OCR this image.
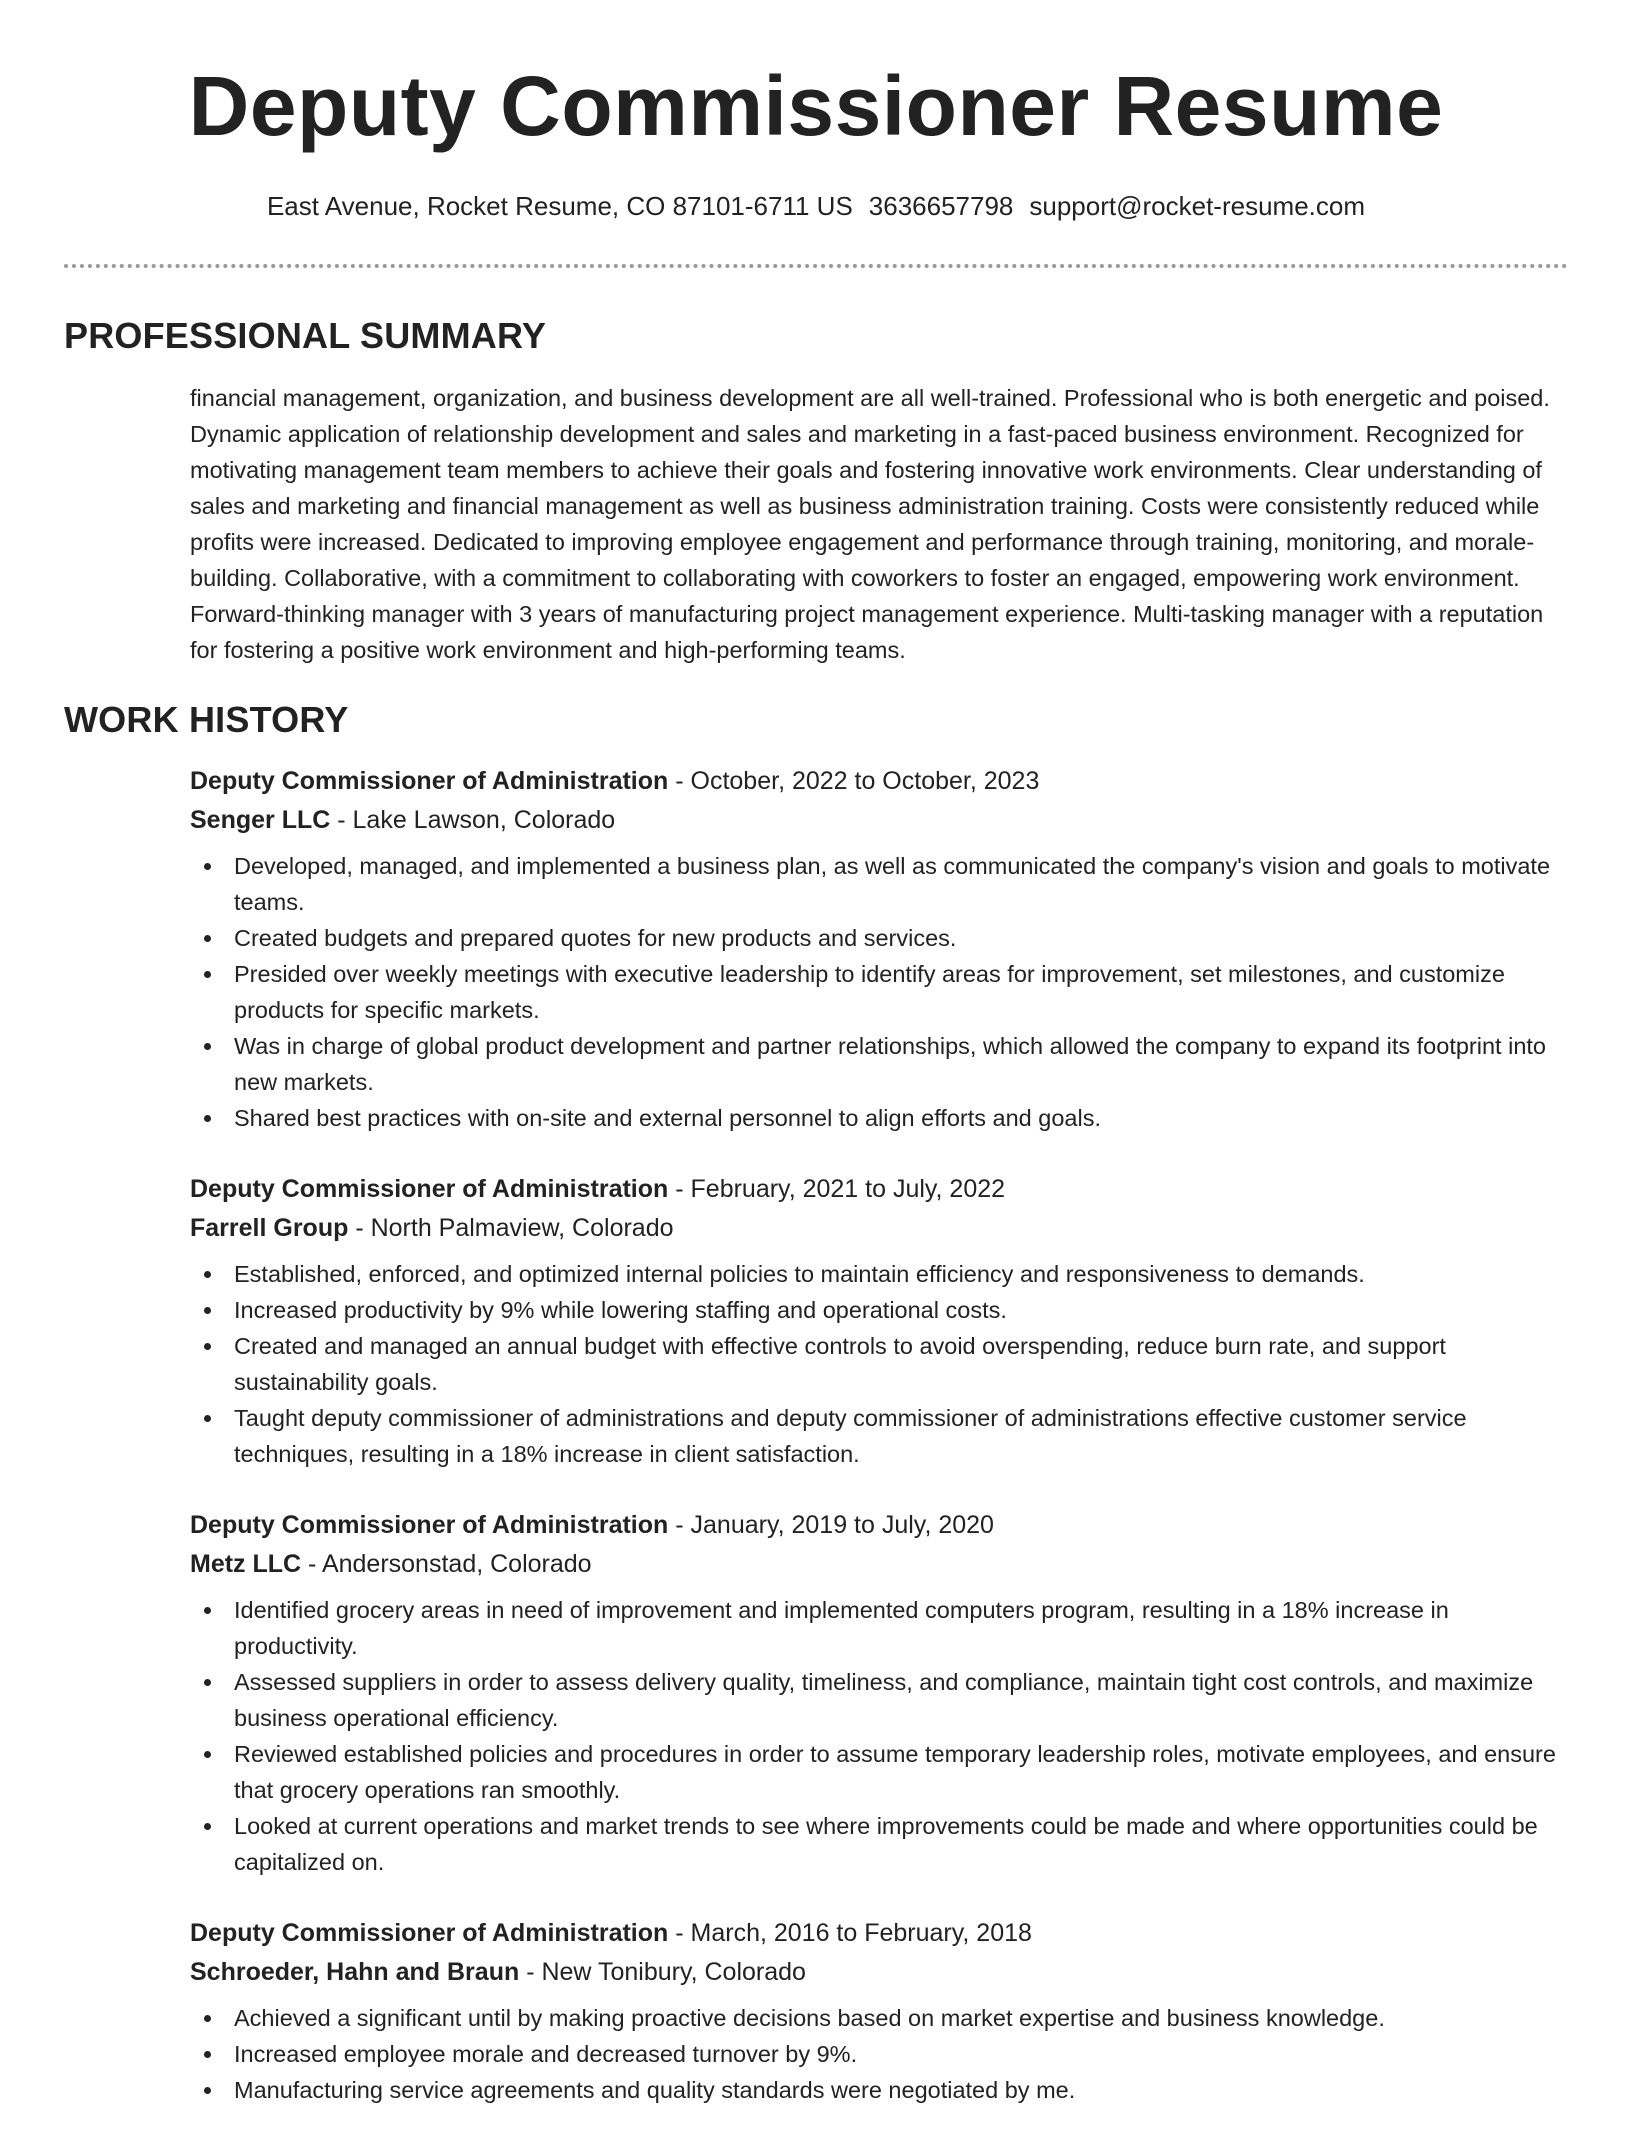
Deputy Commissioner Resume
East Avenue, Rocket Resume, CO 87101-6711 US 3636657798 support@rocket-resume.com
PROFESSIONAL SUMMARY

financial management, organization, and business development are all well-trained. Professional who is both energetic and poised. Dynamic application of relationship development and sales and marketing in a fast-paced business environment. Recognized for motivating management team members to achieve their goals and fostering innovative work environments. Clear understanding of sales and marketing and financial management as well as business administration training. Costs were consistently reduced while profits were increased. Dedicated to improving employee engagement and performance through training, monitoring, and morale-building. Collaborative, with a commitment to collaborating with coworkers to foster an engaged, empowering work environment. Forward-thinking manager with 3 years of manufacturing project management experience. Multi-tasking manager with a reputation for fostering a positive work environment and high-performing teams.

WORK HISTORY
Deputy Commissioner of Administration - October, 2022 to October, 2023
Senger LLC - Lake Lawson, Colorado
Developed, managed, and implemented a business plan, as well as communicated the company's vision and goals to motivate teams.
Created budgets and prepared quotes for new products and services.
Presided over weekly meetings with executive leadership to identify areas for improvement, set milestones, and customize products for specific markets.
Was in charge of global product development and partner relationships, which allowed the company to expand its footprint into new markets.
Shared best practices with on-site and external personnel to align efforts and goals.
Deputy Commissioner of Administration - February, 2021 to July, 2022
Farrell Group - North Palmaview, Colorado
Established, enforced, and optimized internal policies to maintain efficiency and responsiveness to demands.
Increased productivity by 9% while lowering staffing and operational costs.
Created and managed an annual budget with effective controls to avoid overspending, reduce burn rate, and support sustainability goals.
Taught deputy commissioner of administrations and deputy commissioner of administrations effective customer service techniques, resulting in a 18% increase in client satisfaction.
Deputy Commissioner of Administration - January, 2019 to July, 2020
Metz LLC - Andersonstad, Colorado
Identified grocery areas in need of improvement and implemented computers program, resulting in a 18% increase in productivity.
Assessed suppliers in order to assess delivery quality, timeliness, and compliance, maintain tight cost controls, and maximize business operational efficiency.
Reviewed established policies and procedures in order to assume temporary leadership roles, motivate employees, and ensure that grocery operations ran smoothly.
Looked at current operations and market trends to see where improvements could be made and where opportunities could be capitalized on.
Deputy Commissioner of Administration - March, 2016 to February, 2018
Schroeder, Hahn and Braun - New Tonibury, Colorado
Achieved a significant until by making proactive decisions based on market expertise and business knowledge.
Increased employee morale and decreased turnover by 9%.
Manufacturing service agreements and quality standards were negotiated by me.
